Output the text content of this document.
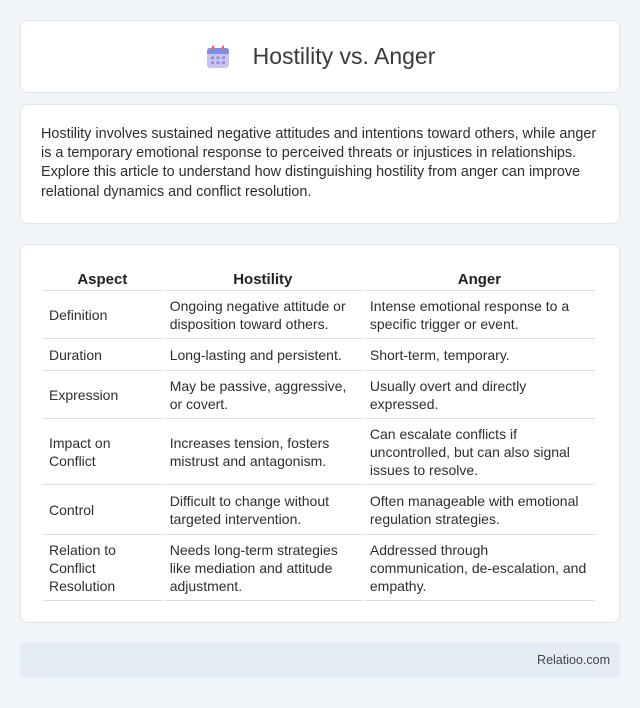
Hostility vs. Anger

Hostility involves sustained negative attitudes and intentions toward others, while anger is a temporary emotional response to perceived threats or injustices in relationships. Explore this article to understand how distinguishing hostility from anger can improve relational dynamics and conflict resolution.

Aspect	Hostility	Anger
Definition	Ongoing negative attitude or disposition toward others.	Intense emotional response to a specific trigger or event.
Duration	Long-lasting and persistent.	Short-term, temporary.
Expression	May be passive, aggressive, or covert.	Usually overt and directly expressed.
Impact on Conflict	Increases tension, fosters mistrust and antagonism.	Can escalate conflicts if uncontrolled, but can also signal issues to resolve.
Control	Difficult to change without targeted intervention.	Often manageable with emotional regulation strategies.
Relation to Conflict Resolution	Needs long-term strategies like mediation and attitude adjustment.	Addressed through communication, de-escalation, and empathy.
Relatioo.com
